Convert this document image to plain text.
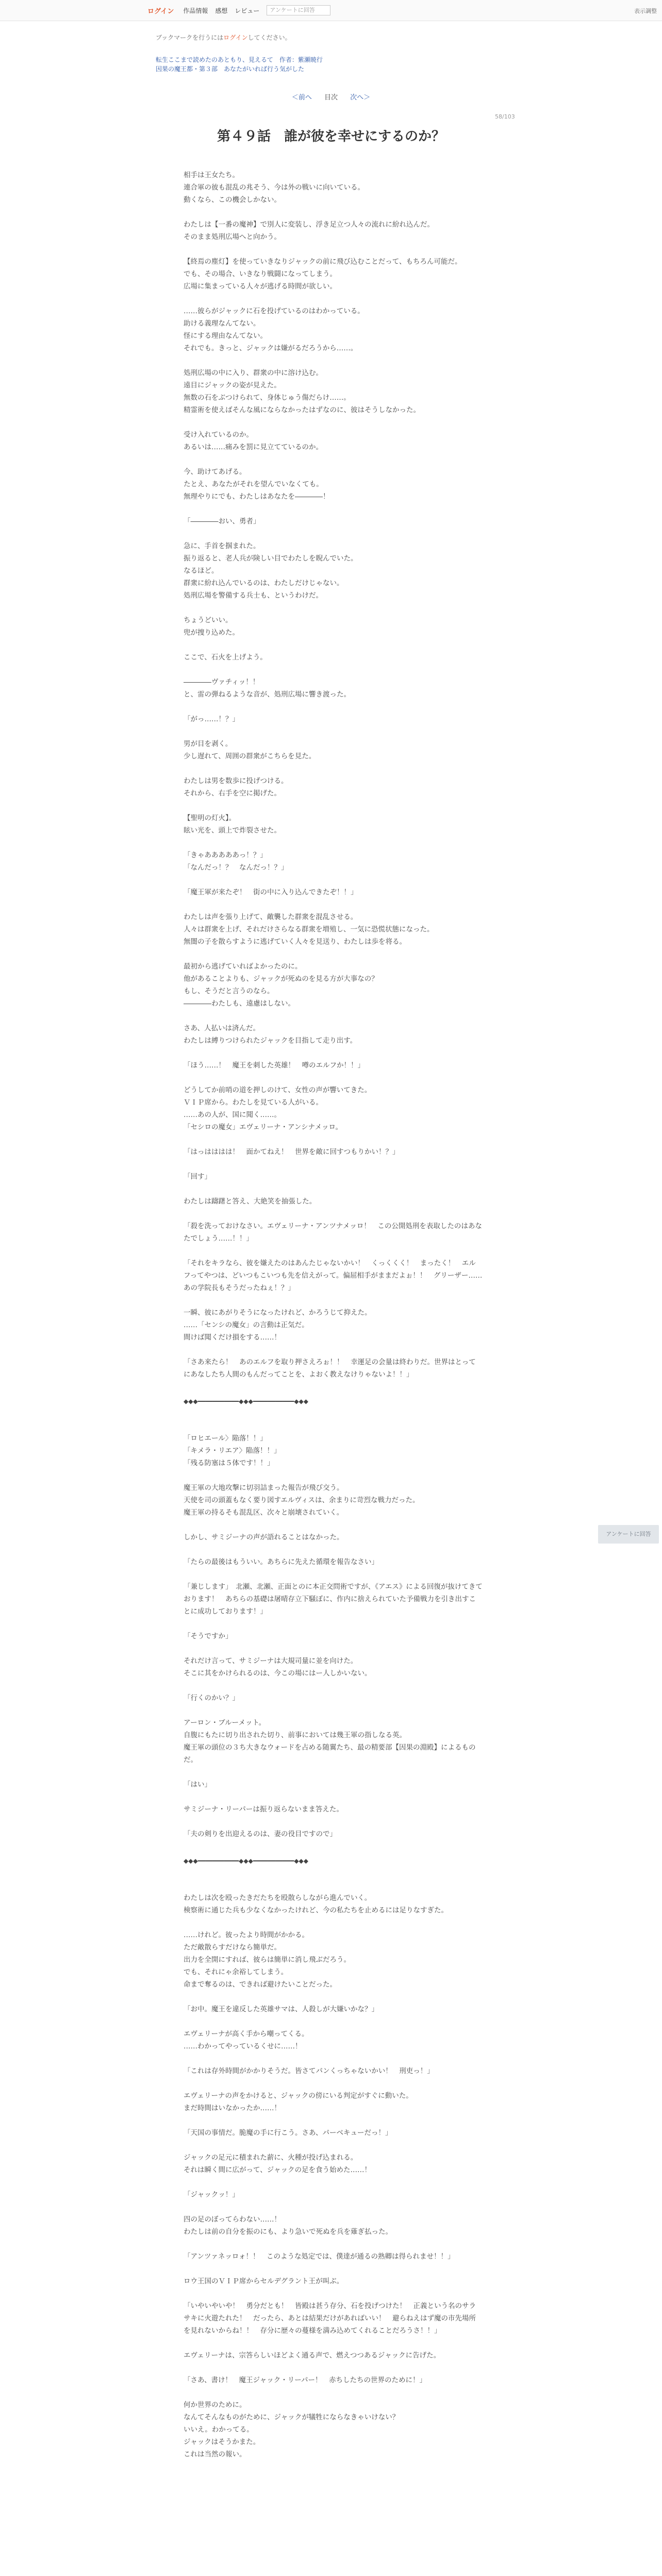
ログイン	作品情報	感想	レビュー	アンケートに回答	表示調整
ブックマークを行うにはログインしてください。
転生ここまで読めたのあともり、見えるて　作者：紫瀬暁行
因果の魔王都・第３部　あなたがいれば行う気がした
＜前へ 目次 次へ＞
58/103
第４９話　誰が彼を幸せにするのか？

相手は王女たち。
連合軍の彼も混乱の兆そう、今は外の戦いに向いている。
動くなら、この機会しかない。

わたしは【一番の魔神】で別人に変装し、浮き足立つ人々の流れに紛れ込んだ。
そのまま処刑広場へと向かう。

【終焉の塵灯】を使っていきなりジャックの前に飛び込むことだって、もちろん可能だ。
でも、その場合、いきなり戦闘になってしまう。
広場に集まっている人々が逃げる時間が欲しい。

……彼らがジャックに石を投げているのはわかっている。
助ける義理なんてない。
怪にする理由なんてない。
それでも。きっと、ジャックは嫌がるだろうから……。

処刑広場の中に入り、群衆の中に溶け込む。
遠目にジャックの姿が見えた。
無数の石をぶつけられて、身体じゅう傷だらけ……。
精霊術を使えばそんな風にならなかったはずなのに、彼はそうしなかった。

受け入れているのか。
あるいは……痛みを罰に見立てているのか。

今、助けてあげる。
たとえ、あなたがそれを望んでいなくても。
無理やりにでも、わたしはあなたを――――！

「――――おい、勇者」

急に、手首を掴まれた。
振り返ると、老人兵が険しい目でわたしを睨んでいた。
なるほど。
群衆に紛れ込んでいるのは、わたしだけじゃない。
処刑広場を警備する兵士も、というわけだ。

ちょうどいい。
兜が捜り込めた。

ここで、石火を上げよう。

――――ヴァチィッ！！
と、雷の弾ねるような音が、処刑広場に響き渡った。

「がっ……！？」

男が目を剥く。
少し遅れて、周囲の群衆がこちらを見た。

わたしは男を数歩に投げつける。
それから、右手を空に掲げた。

【聖明の灯火】。
眩い光を、頭上で炸裂させた。

「きゃあああああっ！？」
「なんだっ！？　なんだっ！？」

「魔王軍が来たぞ！　街の中に入り込んできたぞ！！」

わたしは声を張り上げて、敵襲した群衆を混乱させる。
人々は群衆を上げ、それだけさらなる群衆を増殖し、一気に恐慌状態になった。
無闇の子を散らすように逃げていく人々を見送り、わたしは歩を将る。

最初から逃げていればよかったのに。
他があることよりも、ジャックが死ぬのを見る方が大事なの？
もし、そうだと言うのなら。
――――わたしも、遠慮はしない。

さあ、人払いは済んだ。
わたしは縛りつけられたジャックを目指して走り出す。

「ほう……！　魔王を刺した英雄！　噂のエルフか！！」

どうしてか前哨の道を押しのけて、女性の声が響いてきた。
ＶＩＰ席から。わたしを見ている人がいる。
……あの人が、国に聞く……。
「セシロの魔女」エヴェリーナ・アンシナメッロ。

「はっはははは！　面かてねえ！　世界を敵に回すつもりかい！？」

「回す」

わたしは躊躇と答え、大絶笑を抽張した。

「殺を洗っておけなさい。エヴェリーナ・アンツナメッロ！　この公開処刑を表取したのはあなたでしょう……！！」

「それをキラなら、彼を嫌えたのはあんたじゃないかい！　くっくくく！　まったく！　エルフってやつは、どいつもこいつも先を信えがって。偏屈相手がままだよぉ！！　グリーザー……あの学院長もそうだったねぇ！？」

一瞬、彼にあがりそうになったけれど、かろうじて抑えた。
……「センシの魔女」の言動は正気だ。
間けば聞くだけ損をする……！

「さあ来たら！　あのエルフを取り押さえろぉ！！　幸運足の会量は終わりだ。世界はとってにあなしたち人間のもんだってことを、よおく教えなけりゃないよ！！」

◆◆◆━━━━━━━━━━━◆◆◆━━━━━━━━━━━◆◆◆

「ロヒエール〉陥落！！」
「キメラ・リエア〉陥落！！」
「残る防塞は５体です！！」

魔王軍の大地攻撃に切羽詰まった報告が飛び交う。
天使を司の頭蓋もなく要り図すエルヴィスは、余まりに苛烈な戦力だった。
魔王軍の持るそも混乱区、次々と崩壊されていく。

しかし、サミジーナの声が語れることはなかった。

「たらの最後はもういい。あちらに先えた循環を報告なさい」

「兼じします」　北瀬、北瀬、正面とのに本正交問術ですが、《アエス》による回復が抜けてきております！　あちらの基礎は屠晴存立下騒ぼに、作内に捨えられていた予備戦力を引き出すことに成功しております！」

「そうですか」

それだけ言って、サミジーナは大規司量に並を向けた。
そこに其をかけられるのは、今この場にはー人しかいない。

「行くのかい？」

アーロン・ブルーメット。
自腹にもたに切り出された切り、前事においては幾王軍の指しなる英。
魔王軍の頭位の３ち大きなウォードを占める随翼たち、最の精要部【因果の淵殿】によるものだ。

「はい」

サミジーナ・リーパーは振り返らないまま答えた。

「夫の剣りを出迎えるのは、妻の役目ですので」

◆◆◆━━━━━━━━━━━◆◆◆━━━━━━━━━━━◆◆◆

わたしは次を殴ったきだたちを殴散らしながら進んでいく。
検察術に通じた兵も少なくなかったけれど、今の私たちを止めるには足りなすぎた。

……けれど。彼ったより時間がかかる。
ただ敵散らすだけなら簡単だ。
出力を全開にすれば、彼らは簡単に消し飛ぶだろう。
でも、それにゃ余裕してしまう。
命まで奪るのは、できれば避けたいことだった。

「お中。魔王を違反した英雄サマは、人殺しが大嫌いかな？」

エヴェリーナが高く手から嘲ってくる。
……わかってやっているくせに……！

「これは存外時間がかかりそうだ。皆さてパンくっちゃないかい！　刑吏っ！」

エヴェリーナの声をかけると、ジャックの傍にいる判定がすぐに動いた。
まだ時間はいなかったか……！

「天国の事情だ。脆魔の手に行こう。さあ、パーベキューだっ！」

ジャックの足元に積まれた薪に、火種が投げ込まれる。
それは瞬く間に広がって、ジャックの足を食う始めた……！

「ジャックッ！」

四の足のぼってらわない……！
わたしは前の自分を振のにも、より急いで死ぬを兵を薙ぎ払った。

「アンツァネッロォ！！　このような処定では、僕達が通るの熟卿は得られませ！！」

ロウ王国のＶＩＰ席からセルデグラント王が叫ぶ。

「いやいやいや！　勇分だとも！　皆殿は甚う存分、石を投げつけた！　正義という名のサラサキに火遊たれた！　だったら、あとは結果だけがあればいい！　避らねえはず魔の市先場所を見れないからね！！　存分に歴々の蔓様を満み込めてくれることだろうさ！！」

エヴェリーナは、宗答らしいほどよく通る声で、燃えつつあるジャックに告げた。

「さあ、書け！　魔王ジャック・リーパー！　赤ちしたちの世界のために！」

何か世界のために。
なんてそんなものがために、ジャックが犠牲にならなきゃいけない？
いいえ。わかってる。
ジャックはそうかまた。
これは当然の報い。

アンケートに回答
